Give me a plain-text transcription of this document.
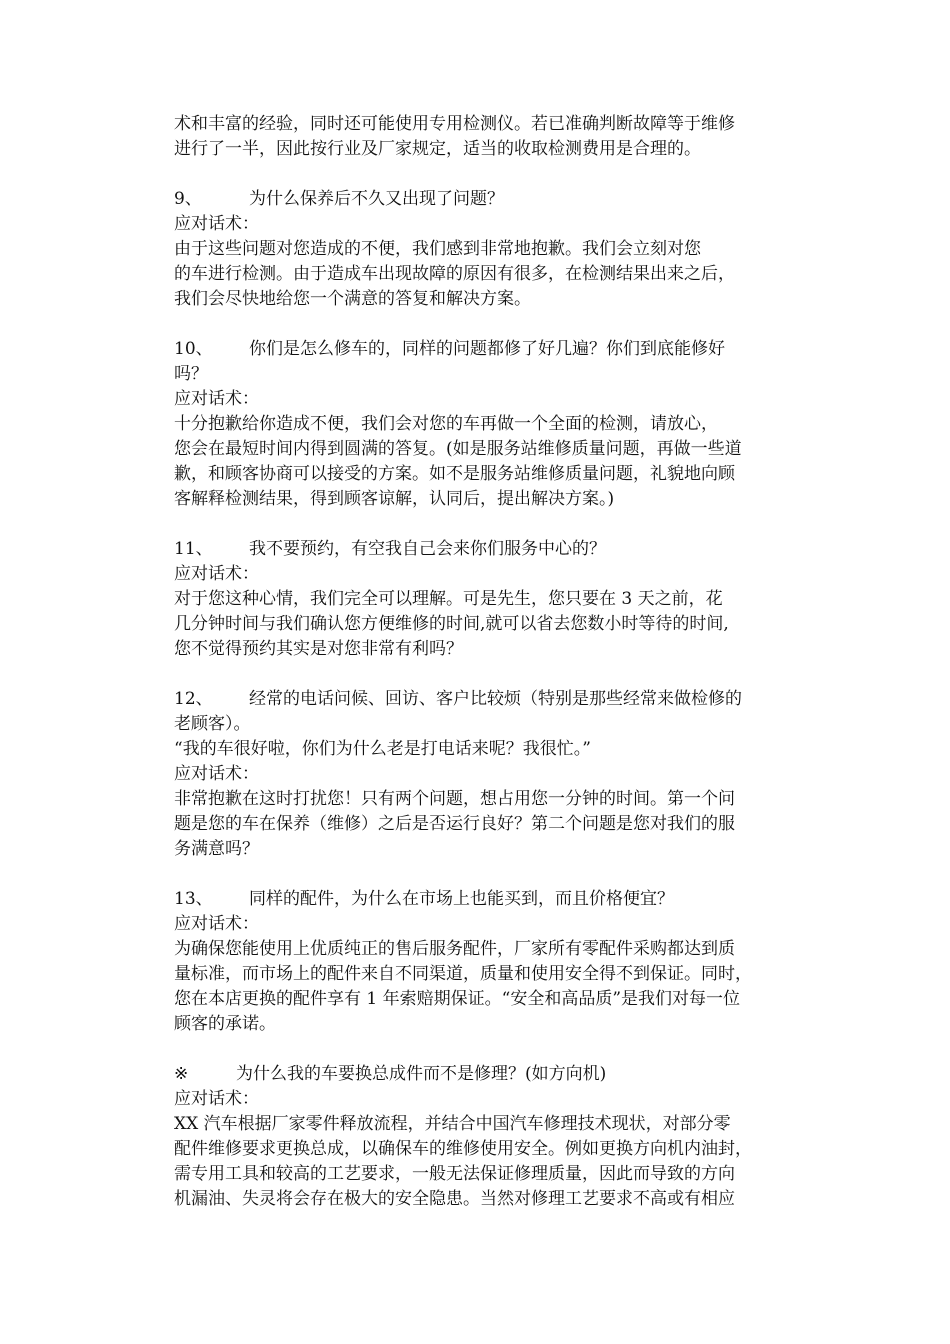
术和丰富的经验，同时还可能使用专用检测仪。若已准确判断故障等于维修
进行了一半，因此按行业及厂家规定，适当的收取检测费用是合理的。
9、	为什么保养后不久又出现了问题？
应对话术：
由于这些问题对您造成的不便，我们感到非常地抱歉。我们会立刻对您
的车进行检测。由于造成车出现故障的原因有很多，在检测结果出来之后，
我们会尽快地给您一个满意的答复和解决方案。
10、 你们是怎么修车的，同样的问题都修了好几遍？你们到底能修好
吗？
应对话术：
十分抱歉给你造成不便，我们会对您的车再做一个全面的检测，请放心，
您会在最短时间内得到圆满的答复。(如是服务站维修质量问题，再做一些道
歉，和顾客协商可以接受的方案。如不是服务站维修质量问题，礼貌地向顾
客解释检测结果，得到顾客谅解，认同后，提出解决方案。)
11、 我不要预约，有空我自己会来你们服务中心的？
应对话术：
对于您这种心情，我们完全可以理解。可是先生，您只要在 3 天之前，花
几分钟时间与我们确认您方便维修的时间,就可以省去您数小时等待的时间,
您不觉得预约其实是对您非常有利吗？
12、 经常的电话问候、回访、客户比较烦（特别是那些经常来做检修的
老顾客）。
“我的车很好啦，你们为什么老是打电话来呢？我很忙。”
应对话术：
非常抱歉在这时打扰您！只有两个问题，想占用您一分钟的时间。第一个问
题是您的车在保养（维修）之后是否运行良好？第二个问题是您对我们的服
务满意吗？
13、 同样的配件，为什么在市场上也能买到，而且价格便宜？
应对话术：
为确保您能使用上优质纯正的售后服务配件，厂家所有零配件采购都达到质
量标准，而市场上的配件来自不同渠道，质量和使用安全得不到保证。同时，
您在本店更换的配件享有 1 年索赔期保证。“安全和高品质”是我们对每一位
顾客的承诺。
※	为什么我的车要换总成件而不是修理？(如方向机)
应对话术：
XX 汽车根据厂家零件释放流程，并结合中国汽车修理技术现状，对部分零
配件维修要求更换总成，以确保车的维修使用安全。例如更换方向机内油封，
需专用工具和较高的工艺要求，一般无法保证修理质量，因此而导致的方向
机漏油、失灵将会存在极大的安全隐患。当然对修理工艺要求不高或有相应
